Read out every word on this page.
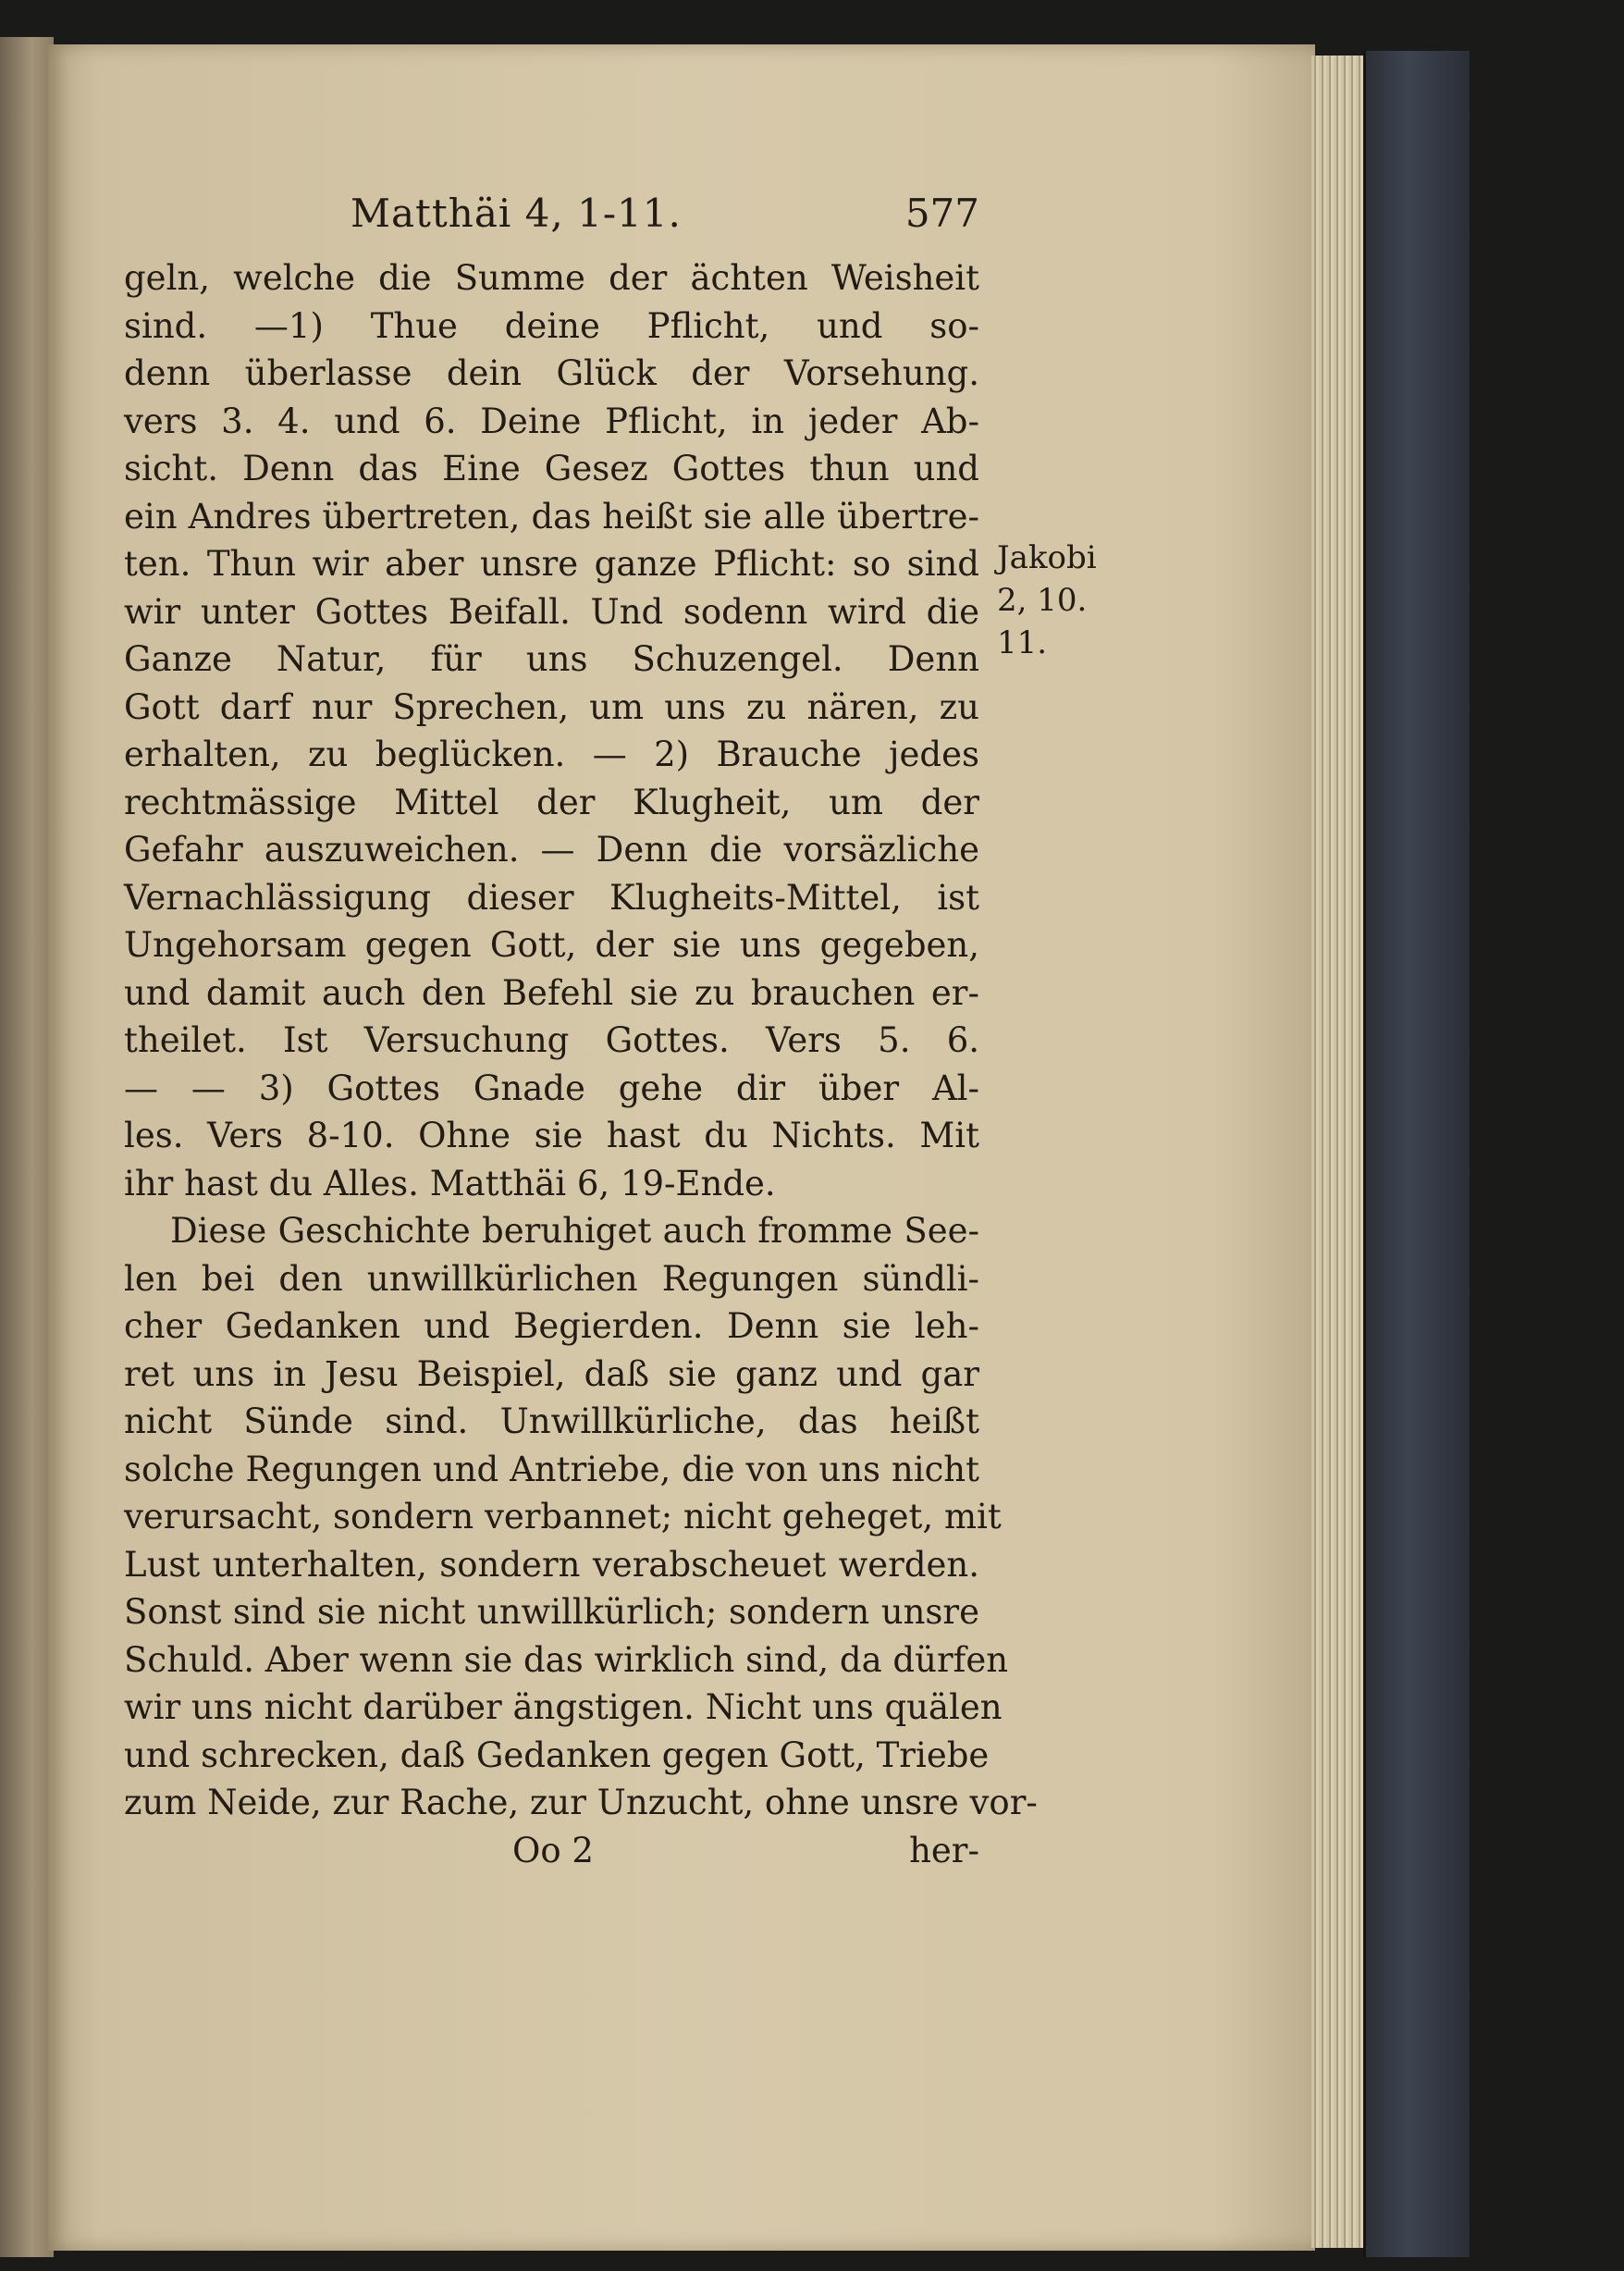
Matthäi 4, 1-11.	577
geln, welche die Summe der ächten Weisheit
sind. —1) Thue deine Pflicht, und so-
denn überlasse dein Glück der Vorsehung.
vers 3. 4. und 6. Deine Pflicht, in jeder Ab-
sicht. Denn das Eine Gesez Gottes thun und
ein Andres übertreten, das heißt sie alle übertre-
ten. Thun wir aber unsre ganze Pflicht: so sind
wir unter Gottes Beifall. Und sodenn wird die
Ganze Natur, für uns Schuzengel. Denn
Gott darf nur Sprechen, um uns zu nären, zu
erhalten, zu beglücken. — 2) Brauche jedes
rechtmässige Mittel der Klugheit, um der
Gefahr auszuweichen. — Denn die vorsäzliche
Vernachlässigung dieser Klugheits-Mittel, ist
Ungehorsam gegen Gott, der sie uns gegeben,
und damit auch den Befehl sie zu brauchen er-
theilet. Ist Versuchung Gottes. Vers 5. 6.
— — 3) Gottes Gnade gehe dir über Al-
les. Vers 8-10. Ohne sie hast du Nichts. Mit
ihr hast du Alles. Matthäi 6, 19-Ende.
Diese Geschichte beruhiget auch fromme See-
len bei den unwillkürlichen Regungen sündli-
cher Gedanken und Begierden. Denn sie leh-
ret uns in Jesu Beispiel, daß sie ganz und gar
nicht Sünde sind. Unwillkürliche, das heißt
solche Regungen und Antriebe, die von uns nicht
verursacht, sondern verbannet; nicht geheget, mit
Lust unterhalten, sondern verabscheuet werden.
Sonst sind sie nicht unwillkürlich; sondern unsre
Schuld. Aber wenn sie das wirklich sind, da dürfen
wir uns nicht darüber ängstigen. Nicht uns quälen
und schrecken, daß Gedanken gegen Gott, Triebe
zum Neide, zur Rache, zur Unzucht, ohne unsre vor-
Oo 2	her-
Jakobi
2, 10.
11.
